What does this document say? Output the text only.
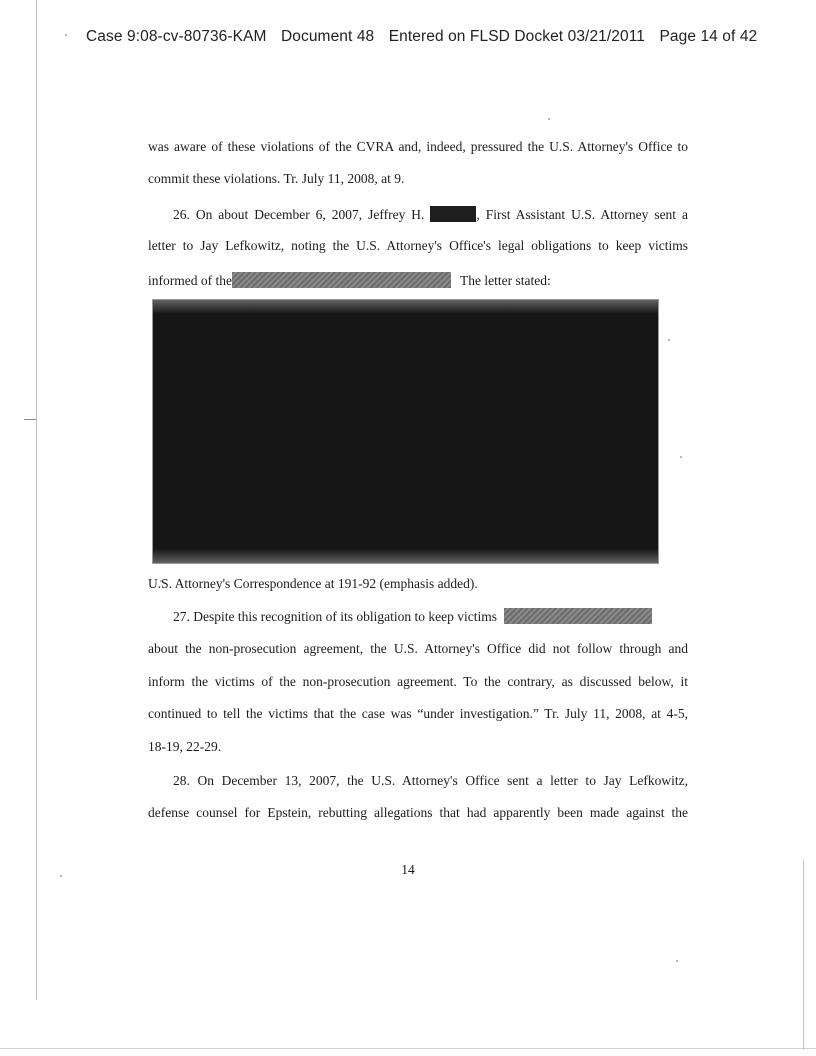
Case 9:08-cv-80736-KAM Document 48 Entered on FLSD Docket 03/21/2011 Page 14 of 42
was aware of these violations of the CVRA and, indeed, pressured the U.S. Attorney's Office to
commit these violations. Tr. July 11, 2008, at 9.
26. On about December 6, 2007, Jeffrey H.	, First Assistant U.S. Attorney sent a
letter to Jay Lefkowitz, noting the U.S. Attorney's Office's legal obligations to keep victims
informed of the	The letter stated:
U.S. Attorney's Correspondence at 191-92 (emphasis added).
27. Despite this recognition of its obligation to keep victims
about the non-prosecution agreement, the U.S. Attorney's Office did not follow through and
inform the victims of the non-prosecution agreement. To the contrary, as discussed below, it
continued to tell the victims that the case was “under investigation.” Tr. July 11, 2008, at 4-5,
18-19, 22-29.
28. On December 13, 2007, the U.S. Attorney's Office sent a letter to Jay Lefkowitz,
defense counsel for Epstein, rebutting allegations that had apparently been made against the
14
